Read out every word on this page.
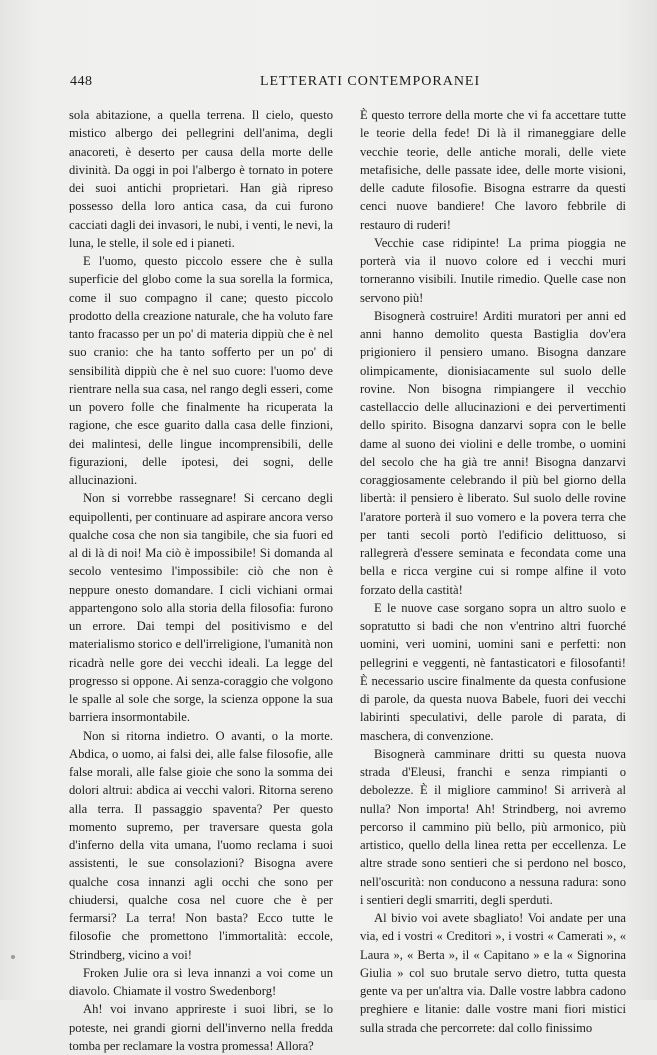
448	LETTERATI CONTEMPORANEI

sola abitazione, a quella terrena. Il cielo, questo mistico albergo dei pellegrini dell'anima, degli anacoreti, è deserto per causa della morte delle divinità. Da oggi in poi l'albergo è tornato in potere dei suoi antichi proprietari. Han già ripreso possesso della loro antica casa, da cui furono cacciati dagli dei invasori, le nubi, i venti, le nevi, la luna, le stelle, il sole ed i pianeti.

E l'uomo, questo piccolo essere che è sulla superficie del globo come la sua sorella la formica, come il suo compagno il cane; questo piccolo prodotto della creazione naturale, che ha voluto fare tanto fracasso per un po' di materia dippiù che è nel suo cranio: che ha tanto sofferto per un po' di sensibilità dippiù che è nel suo cuore: l'uomo deve rientrare nella sua casa, nel rango degli esseri, come un povero folle che finalmente ha ricuperata la ragione, che esce guarito dalla casa delle finzioni, dei malintesi, delle lingue incomprensibili, delle figurazioni, delle ipotesi, dei sogni, delle allucinazioni.

Non si vorrebbe rassegnare! Si cercano degli equipollenti, per continuare ad aspirare ancora verso qualche cosa che non sia tangibile, che sia fuori ed al di là di noi! Ma ciò è impossibile! Si domanda al secolo ventesimo l'impossibile: ciò che non è neppure onesto domandare. I cicli vichiani ormai appartengono solo alla storia della filosofia: furono un errore. Dai tempi del positivismo e del materialismo storico e dell'irreligione, l'umanità non ricadrà nelle gore dei vecchi ideali. La legge del progresso si oppone. Ai senza-coraggio che volgono le spalle al sole che sorge, la scienza oppone la sua barriera insormontabile.

Non si ritorna indietro. O avanti, o la morte. Abdica, o uomo, ai falsi dei, alle false filosofie, alle false morali, alle false gioie che sono la somma dei dolori altrui: abdica ai vecchi valori. Ritorna sereno alla terra. Il passaggio spaventa? Per questo momento supremo, per traversare questa gola d'inferno della vita umana, l'uomo reclama i suoi assistenti, le sue consolazioni? Bisogna avere qualche cosa innanzi agli occhi che sono per chiudersi, qualche cosa nel cuore che è per fermarsi? La terra! Non basta? Ecco tutte le filosofie che promettono l'immortalità: eccole, Strindberg, vicino a voi!

Froken Julie ora si leva innanzi a voi come un diavolo. Chiamate il vostro Swedenborg!

Ah! voi invano apprireste i suoi libri, se lo poteste, nei grandi giorni dell'inverno nella fredda tomba per reclamare la vostra promessa! Allora?

È questo terrore della morte che vi fa accettare tutte le teorie della fede! Di là il rimaneggiare delle vecchie teorie, delle antiche morali, delle viete metafisiche, delle passate idee, delle morte visioni, delle cadute filosofie. Bisogna estrarre da questi cenci nuove bandiere! Che lavoro febbrile di restauro di ruderi!

Vecchie case ridipinte! La prima pioggia ne porterà via il nuovo colore ed i vecchi muri torneranno visibili. Inutile rimedio. Quelle case non servono più!

Bisognerà costruire! Arditi muratori per anni ed anni hanno demolito questa Bastiglia dov'era prigioniero il pensiero umano. Bisogna danzare olimpicamente, dionisiacamente sul suolo delle rovine. Non bisogna rimpiangere il vecchio castellaccio delle allucinazioni e dei pervertimenti dello spirito. Bisogna danzarvi sopra con le belle dame al suono dei violini e delle trombe, o uomini del secolo che ha già tre anni! Bisogna danzarvi coraggiosamente celebrando il più bel giorno della libertà: il pensiero è liberato. Sul suolo delle rovine l'aratore porterà il suo vomero e la povera terra che per tanti secoli portò l'edificio delittuoso, si rallegrerà d'essere seminata e fecondata come una bella e ricca vergine cui si rompe alfine il voto forzato della castità!

E le nuove case sorgano sopra un altro suolo e sopratutto si badi che non v'entrino altri fuorché uomini, veri uomini, uomini sani e perfetti: non pellegrini e veggenti, nè fantasticatori e filosofanti! È necessario uscire finalmente da questa confusione di parole, da questa nuova Babele, fuori dei vecchi labirinti speculativi, delle parole di parata, di maschera, di convenzione.

Bisognerà camminare dritti su questa nuova strada d'Eleusi, franchi e senza rimpianti o debolezze. È il migliore cammino! Si arriverà al nulla? Non importa! Ah! Strindberg, noi avremo percorso il cammino più bello, più armonico, più artistico, quello della linea retta per eccellenza. Le altre strade sono sentieri che si perdono nel bosco, nell'oscurità: non conducono a nessuna radura: sono i sentieri degli smarriti, degli sperduti.

Al bivio voi avete sbagliato! Voi andate per una via, ed i vostri « Creditori », i vostri « Camerati », « Laura », « Berta », il « Capitano » e la « Signorina Giulia » col suo brutale servo dietro, tutta questa gente va per un'altra via. Dalle vostre labbra cadono preghiere e litanie: dalle vostre mani fiori mistici sulla strada che percorrete: dal collo finissimo
